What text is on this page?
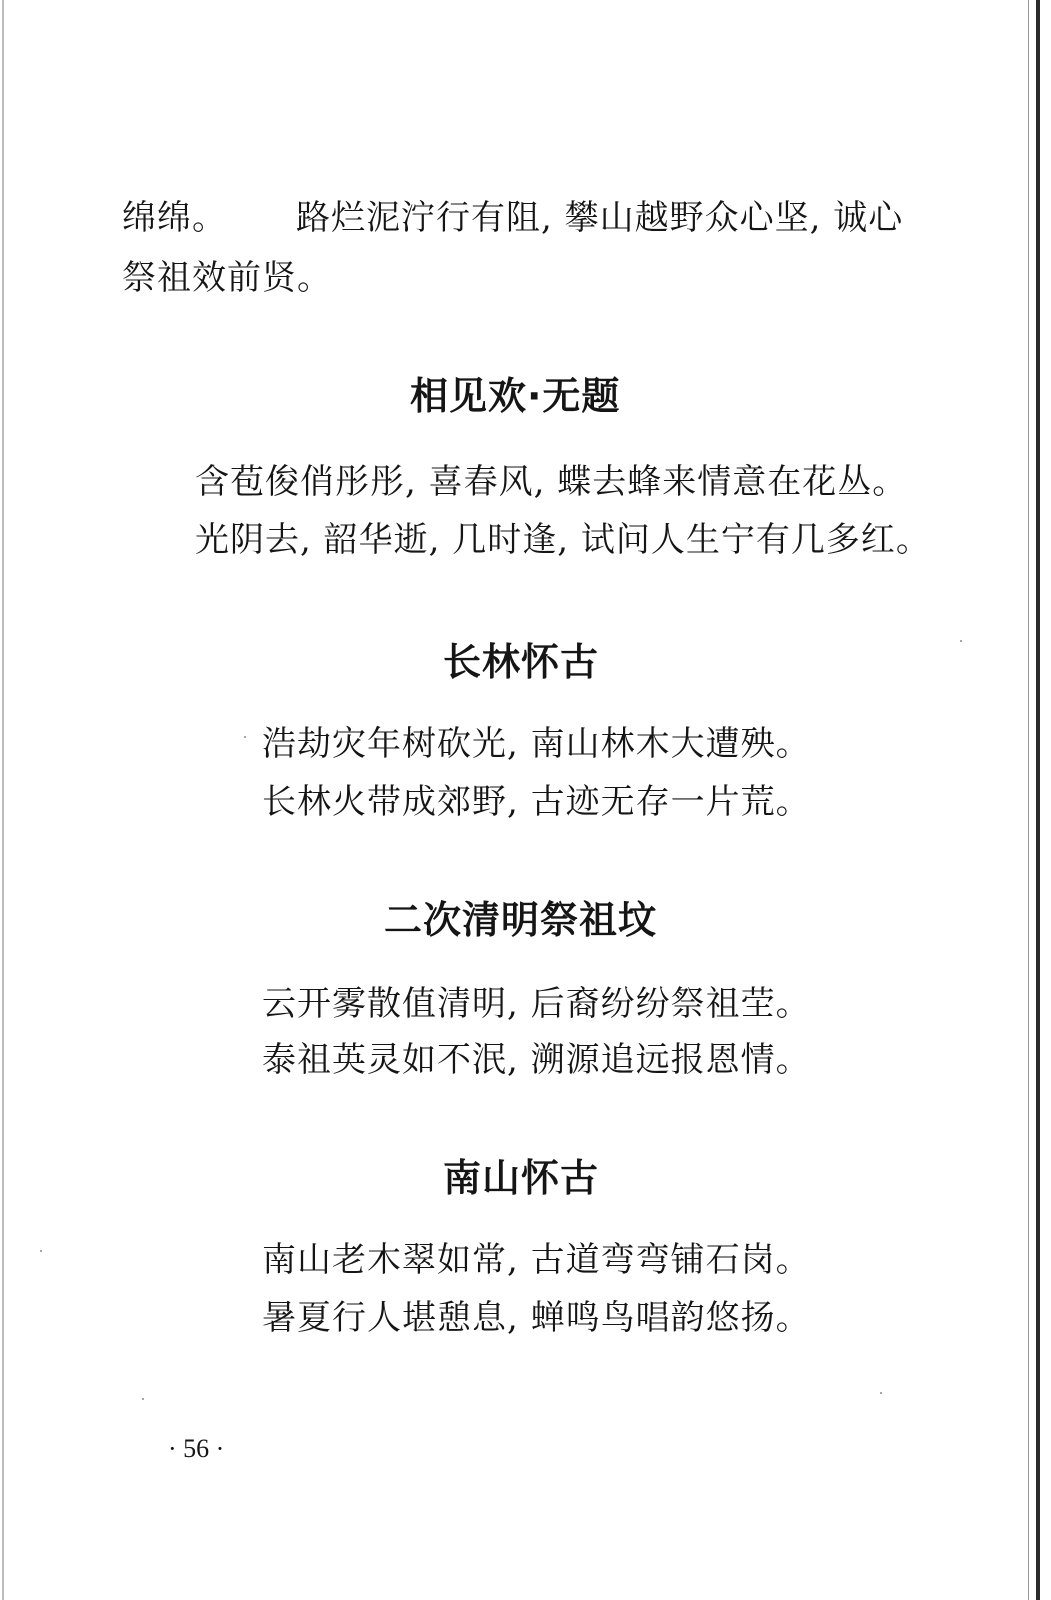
绵绵。 路烂泥泞行有阻, 攀山越野众心坚, 诚心
祭祖效前贤。
相见欢·无题
含苞俊俏彤彤, 喜春风, 蝶去蜂来情意在花丛。
光阴去, 韶华逝, 几时逢, 试问人生宁有几多红。
长林怀古
浩劫灾年树砍光, 南山林木大遭殃。
长林火带成郊野, 古迹无存一片荒。
二次清明祭祖坟
云开雾散值清明, 后裔纷纷祭祖茔。
泰祖英灵如不泯, 溯源追远报恩情。
南山怀古
南山老木翠如常, 古道弯弯铺石岗。
暑夏行人堪憩息, 蝉鸣鸟唱韵悠扬。
· 56 ·
